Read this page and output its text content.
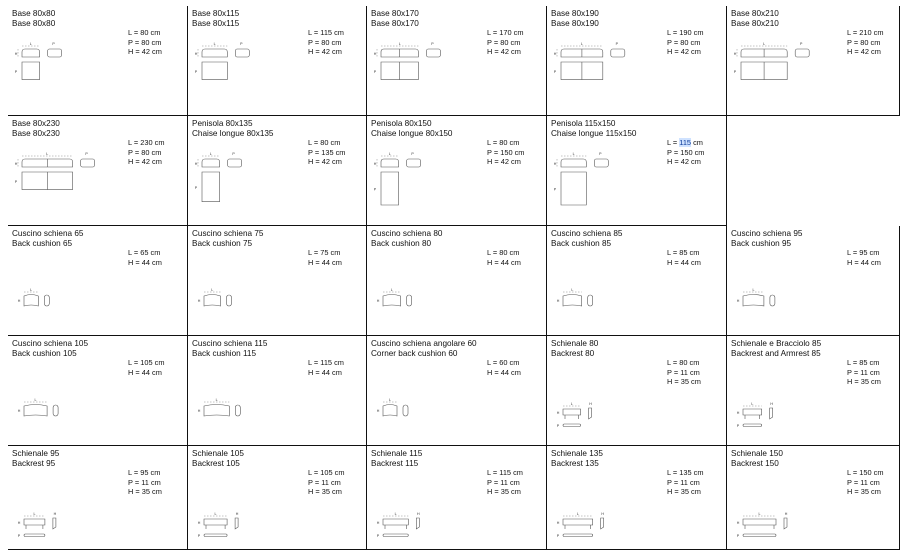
Base 80x80
Base 80x80
L = 80 cm
P = 80 cm
H = 42 cm
L
H
P
P
Base 80x115
Base 80x115
L = 115 cm
P = 80 cm
H = 42 cm
L
H
P
P
Base 80x170
Base 80x170
L = 170 cm
P = 80 cm
H = 42 cm
L
H
P
P
Base 80x190
Base 80x190
L = 190 cm
P = 80 cm
H = 42 cm
L
H
P
P
Base 80x210
Base 80x210
L = 210 cm
P = 80 cm
H = 42 cm
L
H
P
P
Base 80x230
Base 80x230
L = 230 cm
P = 80 cm
H = 42 cm
L
H
P
P
Penisola 80x135
Chaise longue 80x135
L = 80 cm
P = 135 cm
H = 42 cm
L
H
P
P
Penisola 80x150
Chaise longue 80x150
L = 80 cm
P = 150 cm
H = 42 cm
L
H
P
P
Penisola 115x150
Chaise longue 115x150
L = 115 cm
P = 150 cm
H = 42 cm
L
H
P
P
Cuscino schiena 65
Back cushion 65
L = 65 cm
H = 44 cm
L
H
Cuscino schiena 75
Back cushion 75
L = 75 cm
H = 44 cm
L
H
Cuscino schiena 80
Back cushion 80
L = 80 cm
H = 44 cm
L
H
Cuscino schiena 85
Back cushion 85
L = 85 cm
H = 44 cm
L
H
Cuscino schiena 95
Back cushion 95
L = 95 cm
H = 44 cm
L
H
Cuscino schiena 105
Back cushion 105
L = 105 cm
H = 44 cm
L
H
Cuscino schiena 115
Back cushion 115
L = 115 cm
H = 44 cm
L
H
Cuscino schiena angolare 60
Corner back cushion 60
L = 60 cm
H = 44 cm
L
H
Schienale 80
Backrest 80
L = 80 cm
P = 11 cm
H = 35 cm
L
H
H
P
Schienale e Bracciolo 85
Backrest and Armrest 85
L = 85 cm
P = 11 cm
H = 35 cm
L
H
H
P
Schienale 95
Backrest 95
L = 95 cm
P = 11 cm
H = 35 cm
L
H
H
P
Schienale 105
Backrest 105
L = 105 cm
P = 11 cm
H = 35 cm
L
H
H
P
Schienale 115
Backrest 115
L = 115 cm
P = 11 cm
H = 35 cm
L
H
H
P
Schienale 135
Backrest 135
L = 135 cm
P = 11 cm
H = 35 cm
L
H
H
P
Schienale 150
Backrest 150
L = 150 cm
P = 11 cm
H = 35 cm
L
H
H
P
